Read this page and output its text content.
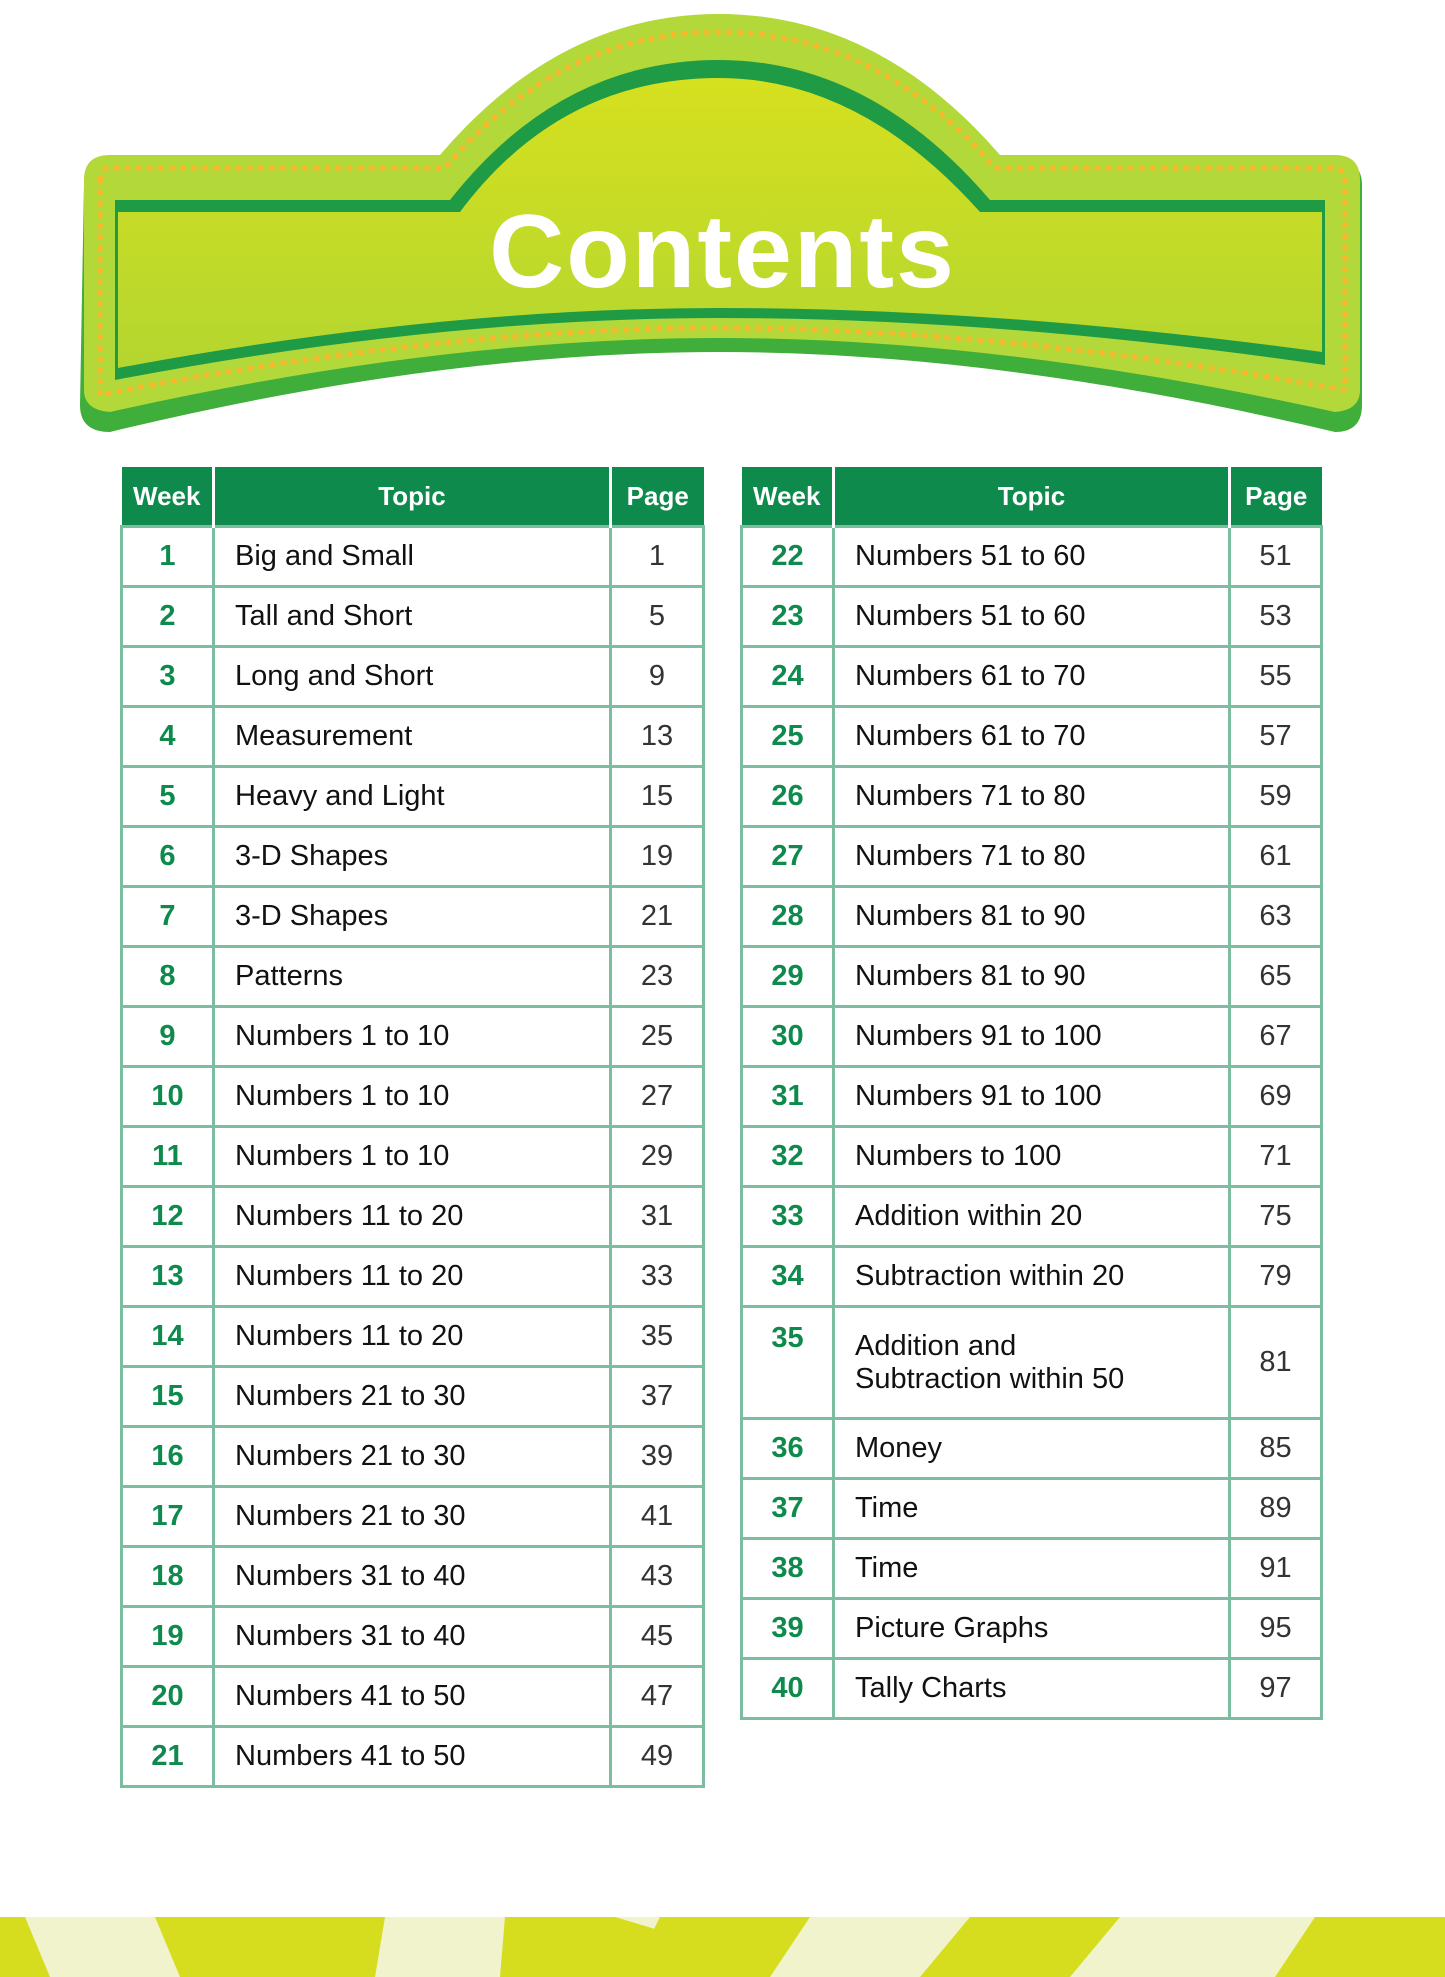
Contents
Week	Topic	Page
1	Big and Small	1
2	Tall and Short	5
3	Long and Short	9
4	Measurement	13
5	Heavy and Light	15
6	3-D Shapes	19
7	3-D Shapes	21
8	Patterns	23
9	Numbers 1 to 10	25
10	Numbers 1 to 10	27
11	Numbers 1 to 10	29
12	Numbers 11 to 20	31
13	Numbers 11 to 20	33
14	Numbers 11 to 20	35
15	Numbers 21 to 30	37
16	Numbers 21 to 30	39
17	Numbers 21 to 30	41
18	Numbers 31 to 40	43
19	Numbers 31 to 40	45
20	Numbers 41 to 50	47
21	Numbers 41 to 50	49
Week	Topic	Page
22	Numbers 51 to 60	51
23	Numbers 51 to 60	53
24	Numbers 61 to 70	55
25	Numbers 61 to 70	57
26	Numbers 71 to 80	59
27	Numbers 71 to 80	61
28	Numbers 81 to 90	63
29	Numbers 81 to 90	65
30	Numbers 91 to 100	67
31	Numbers 91 to 100	69
32	Numbers to 100	71
33	Addition within 20	75
34	Subtraction within 20	79
35	Addition and
Subtraction within 50	81
36	Money	85
37	Time	89
38	Time	91
39	Picture Graphs	95
40	Tally Charts	97
